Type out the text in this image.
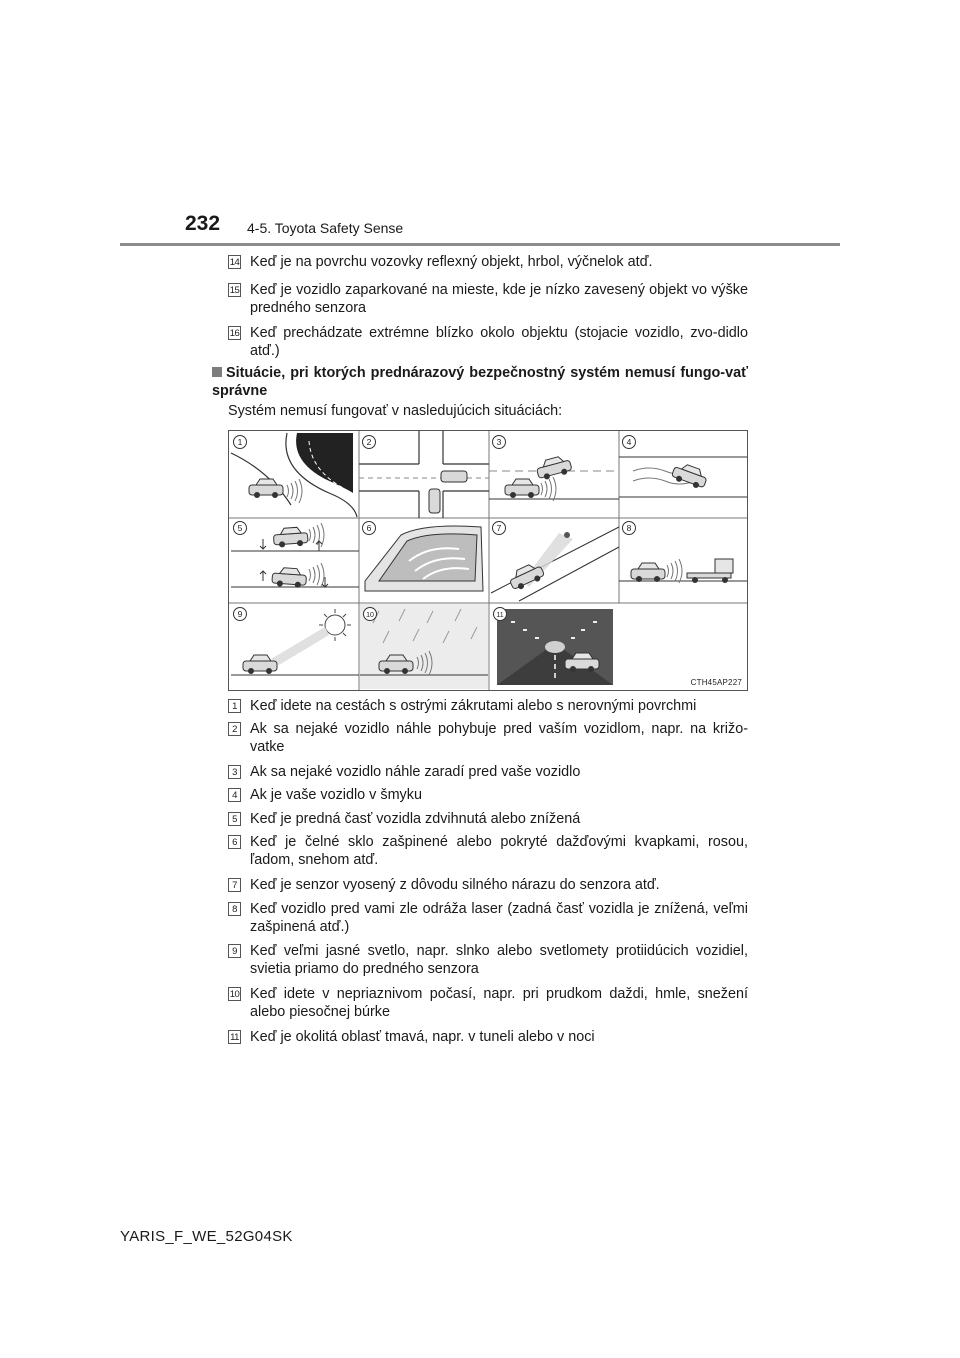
232 4-5. Toyota Safety Sense
14 Keď je na povrchu vozovky reflexný objekt, hrbol, výčnelok atď.
15 Keď je vozidlo zaparkované na mieste, kde je nízko zavesený objekt vo výške predného senzora
16 Keď prechádzate extrémne blízko okolo objektu (stojacie vozidlo, zvo-didlo atď.)
Situácie, pri ktorých prednárazový bezpečnostný systém nemusí fungo-vať správne
Systém nemusí fungovať v nasledujúcich situáciách:
1	2	3	4
5	6	7	8
9	10	11
CTH45AP227
1 Keď idete na cestách s ostrými zákrutami alebo s nerovnými povrchmi
2 Ak sa nejaké vozidlo náhle pohybuje pred vaším vozidlom, napr. na križo-vatke
3 Ak sa nejaké vozidlo náhle zaradí pred vaše vozidlo
4 Ak je vaše vozidlo v šmyku
5 Keď je predná časť vozidla zdvihnutá alebo znížená
6 Keď je čelné sklo zašpinené alebo pokryté dažďovými kvapkami, rosou, ľadom, snehom atď.
7 Keď je senzor vyosený z dôvodu silného nárazu do senzora atď.
8 Keď vozidlo pred vami zle odráža laser (zadná časť vozidla je znížená, veľmi zašpinená atď.)
9 Keď veľmi jasné svetlo, napr. slnko alebo svetlomety protiidúcich vozidiel, svietia priamo do predného senzora
10 Keď idete v nepriaznivom počasí, napr. pri prudkom daždi, hmle, snežení alebo piesočnej búrke
11 Keď je okolitá oblasť tmavá, napr. v tuneli alebo v noci
YARIS_F_WE_52G04SK
